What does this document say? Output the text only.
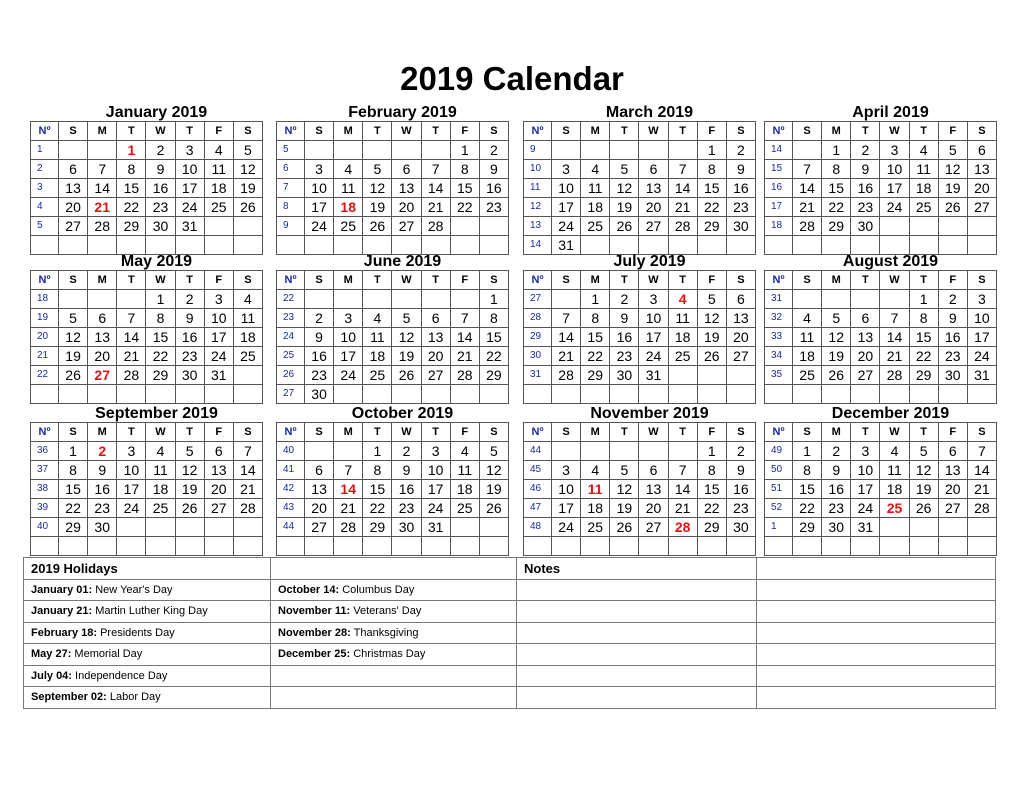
2019 Calendar
January 2019
Nº	S	M	T	W	T	F	S
1			1	2	3	4	5
2	6	7	8	9	10	11	12
3	13	14	15	16	17	18	19
4	20	21	22	23	24	25	26
5	27	28	29	30	31		

February 2019
Nº	S	M	T	W	T	F	S
5						1	2
6	3	4	5	6	7	8	9
7	10	11	12	13	14	15	16
8	17	18	19	20	21	22	23
9	24	25	26	27	28		

March 2019
Nº	S	M	T	W	T	F	S
9						1	2
10	3	4	5	6	7	8	9
11	10	11	12	13	14	15	16
12	17	18	19	20	21	22	23
13	24	25	26	27	28	29	30
14	31						
April 2019
Nº	S	M	T	W	T	F	S
14		1	2	3	4	5	6
15	7	8	9	10	11	12	13
16	14	15	16	17	18	19	20
17	21	22	23	24	25	26	27
18	28	29	30				

May 2019
Nº	S	M	T	W	T	F	S
18				1	2	3	4
19	5	6	7	8	9	10	11
20	12	13	14	15	16	17	18
21	19	20	21	22	23	24	25
22	26	27	28	29	30	31	

June 2019
Nº	S	M	T	W	T	F	S
22							1
23	2	3	4	5	6	7	8
24	9	10	11	12	13	14	15
25	16	17	18	19	20	21	22
26	23	24	25	26	27	28	29
27	30						
July 2019
Nº	S	M	T	W	T	F	S
27		1	2	3	4	5	6
28	7	8	9	10	11	12	13
29	14	15	16	17	18	19	20
30	21	22	23	24	25	26	27
31	28	29	30	31			

August 2019
Nº	S	M	T	W	T	F	S
31					1	2	3
32	4	5	6	7	8	9	10
33	11	12	13	14	15	16	17
34	18	19	20	21	22	23	24
35	25	26	27	28	29	30	31

September 2019
Nº	S	M	T	W	T	F	S
36	1	2	3	4	5	6	7
37	8	9	10	11	12	13	14
38	15	16	17	18	19	20	21
39	22	23	24	25	26	27	28
40	29	30					

October 2019
Nº	S	M	T	W	T	F	S
40			1	2	3	4	5
41	6	7	8	9	10	11	12
42	13	14	15	16	17	18	19
43	20	21	22	23	24	25	26
44	27	28	29	30	31		

November 2019
Nº	S	M	T	W	T	F	S
44						1	2
45	3	4	5	6	7	8	9
46	10	11	12	13	14	15	16
47	17	18	19	20	21	22	23
48	24	25	26	27	28	29	30

December 2019
Nº	S	M	T	W	T	F	S
49	1	2	3	4	5	6	7
50	8	9	10	11	12	13	14
51	15	16	17	18	19	20	21
52	22	23	24	25	26	27	28
1	29	30	31				

2019 Holidays		Notes	
January 01: New Year's Day	October 14: Columbus Day		
January 21: Martin Luther King Day	November 11: Veterans' Day		
February 18: Presidents Day	November 28: Thanksgiving		
May 27: Memorial Day	December 25: Christmas Day		
July 04: Independence Day			
September 02: Labor Day			
